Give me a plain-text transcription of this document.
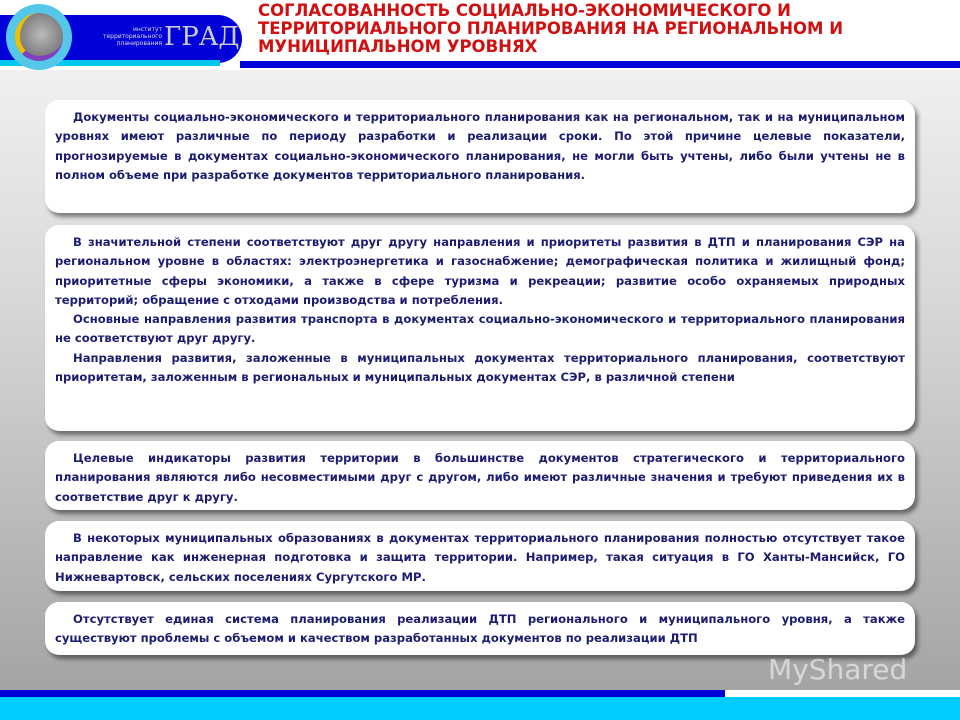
институт
территориального
планирования ГРАД
СОГЛАСОВАННОСТЬ СОЦИАЛЬНО-ЭКОНОМИЧЕСКОГО И ТЕРРИТОРИАЛЬНОГО ПЛАНИРОВАНИЯ НА РЕГИОНАЛЬНОМ И МУНИЦИПАЛЬНОМ УРОВНЯХ

Документы социально-экономического и территориального планирования как на региональном, так и на муниципальном уровнях имеют различные по периоду разработки и реализации сроки. По этой причине целевые показатели, прогнозируемые в документах социально-экономического планирования, не могли быть учтены, либо были учтены не в полном объеме при разработке документов территориального планирования.

В значительной степени соответствуют друг другу направления и приоритеты развития в ДТП и планирования СЭР на региональном уровне в областях: электроэнергетика и газоснабжение; демографическая политика и жилищный фонд; приоритетные сферы экономики, а также в сфере туризма и рекреации; развитие особо охраняемых природных территорий; обращение с отходами производства и потребления.

Основные направления развития транспорта в документах социально-экономического и территориального планирования не соответствуют друг другу.

Направления развития, заложенные в муниципальных документах территориального планирования, соответствуют приоритетам, заложенным в региональных и муниципальных документах СЭР, в различной степени

Целевые индикаторы развития территории в большинстве документов стратегического и территориального планирования являются либо несовместимыми друг с другом, либо имеют различные значения и требуют приведения их в соответствие друг к другу.

В некоторых муниципальных образованиях в документах территориального планирования полностью отсутствует такое направление как инженерная подготовка и защита территории. Например, такая ситуация в ГО Ханты-Мансийск, ГО Нижневартовск, сельских поселениях Сургутского МР.

Отсутствует единая система планирования реализации ДТП регионального и муниципального уровня, а также существуют проблемы с объемом и качеством разработанных документов по реализации ДТП

MyShared
